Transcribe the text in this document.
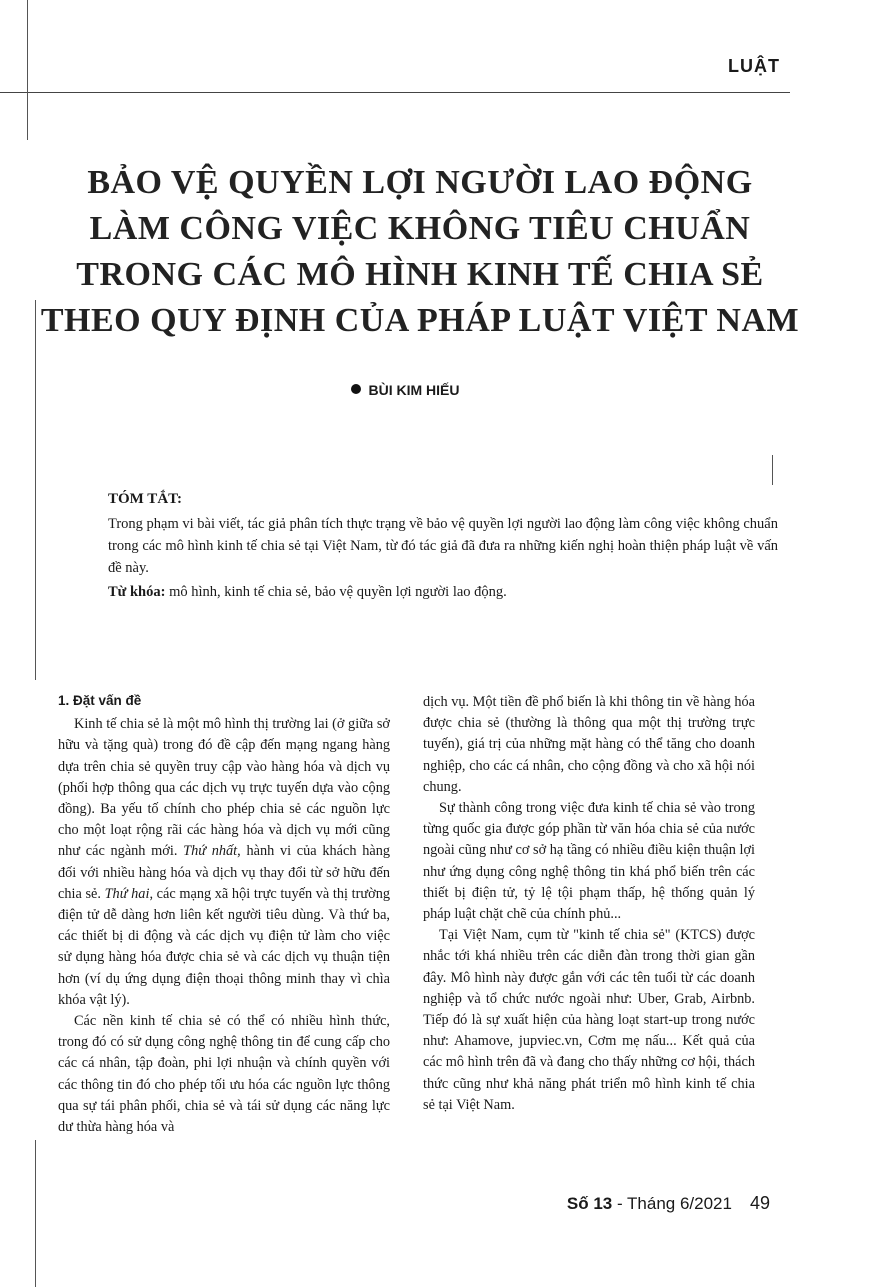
LUẬT
BẢO VỆ QUYỀN LỢI NGƯỜI LAO ĐỘNG
LÀM CÔNG VIỆC KHÔNG TIÊU CHUẨN
TRONG CÁC MÔ HÌNH KINH TẾ CHIA SẺ
THEO QUY ĐỊNH CỦA PHÁP LUẬT VIỆT NAM
BÙI KIM HIẾU
TÓM TẮT:
Trong phạm vi bài viết, tác giả phân tích thực trạng về bảo vệ quyền lợi người lao động làm công việc không chuẩn trong các mô hình kinh tế chia sẻ tại Việt Nam, từ đó tác giả đã đưa ra những kiến nghị hoàn thiện pháp luật về vấn đề này.
Từ khóa: mô hình, kinh tế chia sẻ, bảo vệ quyền lợi người lao động.
1. Đặt vấn đề

Kinh tế chia sẻ là một mô hình thị trường lai (ở giữa sở hữu và tặng quà) trong đó đề cập đến mạng ngang hàng dựa trên chia sẻ quyền truy cập vào hàng hóa và dịch vụ (phối hợp thông qua các dịch vụ trực tuyến dựa vào cộng đồng). Ba yếu tố chính cho phép chia sẻ các nguồn lực cho một loạt rộng rãi các hàng hóa và dịch vụ mới cũng như các ngành mới. Thứ nhất, hành vi của khách hàng đối với nhiều hàng hóa và dịch vụ thay đổi từ sở hữu đến chia sẻ. Thứ hai, các mạng xã hội trực tuyến và thị trường điện tử dễ dàng hơn liên kết người tiêu dùng. Và thứ ba, các thiết bị di động và các dịch vụ điện tử làm cho việc sử dụng hàng hóa được chia sẻ và các dịch vụ thuận tiện hơn (ví dụ ứng dụng điện thoại thông minh thay vì chìa khóa vật lý).

Các nền kinh tế chia sẻ có thể có nhiều hình thức, trong đó có sử dụng công nghệ thông tin để cung cấp cho các cá nhân, tập đoàn, phi lợi nhuận và chính quyền với các thông tin đó cho phép tối ưu hóa các nguồn lực thông qua sự tái phân phối, chia sẻ và tái sử dụng các năng lực dư thừa hàng hóa và

dịch vụ. Một tiền đề phổ biến là khi thông tin về hàng hóa được chia sẻ (thường là thông qua một thị trường trực tuyến), giá trị của những mặt hàng có thể tăng cho doanh nghiệp, cho các cá nhân, cho cộng đồng và cho xã hội nói chung.

Sự thành công trong việc đưa kinh tế chia sẻ vào trong từng quốc gia được góp phần từ văn hóa chia sẻ của nước ngoài cũng như cơ sở hạ tầng có nhiều điều kiện thuận lợi như ứng dụng công nghệ thông tin khá phổ biến trên các thiết bị điện tử, tỷ lệ tội phạm thấp, hệ thống quản lý pháp luật chặt chẽ của chính phủ...

Tại Việt Nam, cụm từ "kinh tế chia sẻ" (KTCS) được nhắc tới khá nhiều trên các diễn đàn trong thời gian gần đây. Mô hình này được gắn với các tên tuổi từ các doanh nghiệp và tổ chức nước ngoài như: Uber, Grab, Airbnb. Tiếp đó là sự xuất hiện của hàng loạt start-up trong nước như: Ahamove, jupviec.vn, Cơm mẹ nấu... Kết quả của các mô hình trên đã và đang cho thấy những cơ hội, thách thức cũng như khả năng phát triển mô hình kinh tế chia sẻ tại Việt Nam.

Số 13 - Tháng 6/2021 49
